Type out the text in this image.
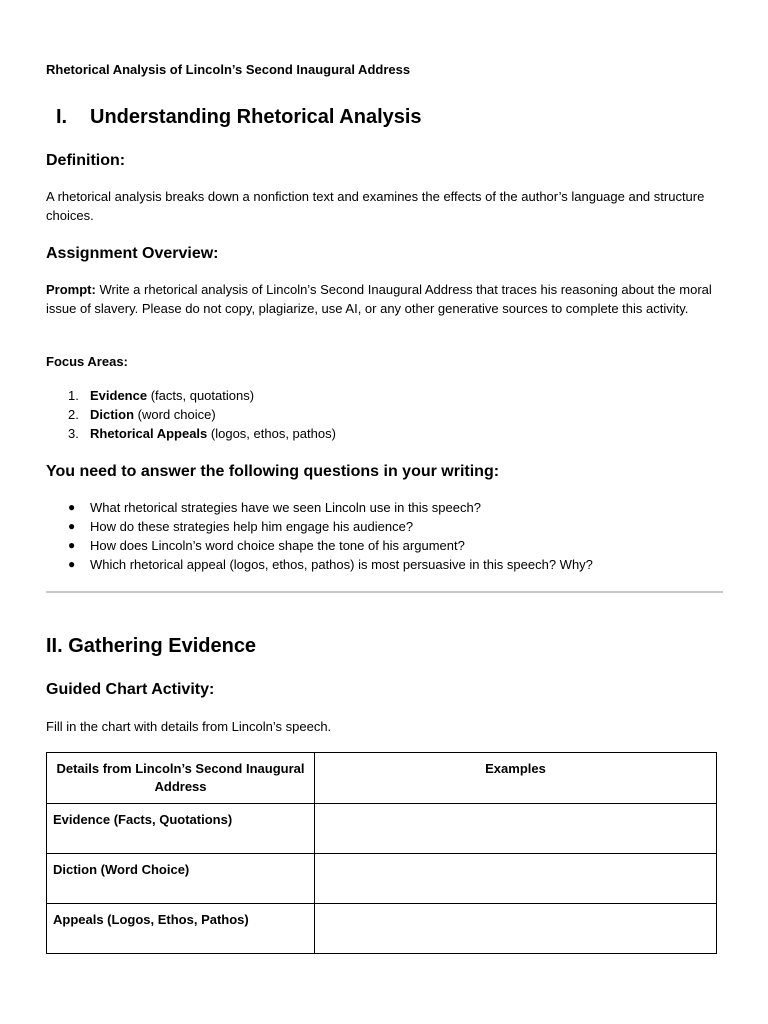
Rhetorical Analysis of Lincoln’s Second Inaugural Address

I. Understanding Rhetorical Analysis
Definition:

A rhetorical analysis breaks down a nonfiction text and examines the effects of the author’s language and structure choices.

Assignment Overview:

Prompt: Write a rhetorical analysis of Lincoln’s Second Inaugural Address that traces his reasoning about the moral issue of slavery. Please do not copy, plagiarize, use AI, or any other generative sources to complete this activity.

Focus Areas:

1. Evidence (facts, quotations)
2. Diction (word choice)
3. Rhetorical Appeals (logos, ethos, pathos)
You need to answer the following questions in your writing:
●	What rhetorical strategies have we seen Lincoln use in this speech?
●	How do these strategies help him engage his audience?
●	How does Lincoln’s word choice shape the tone of his argument?
●	Which rhetorical appeal (logos, ethos, pathos) is most persuasive in this speech? Why?
II. Gathering Evidence
Guided Chart Activity:

Fill in the chart with details from Lincoln’s speech.

Details from Lincoln’s Second Inaugural Address	Examples
Evidence (Facts, Quotations)	
Diction (Word Choice)	
Appeals (Logos, Ethos, Pathos)	
